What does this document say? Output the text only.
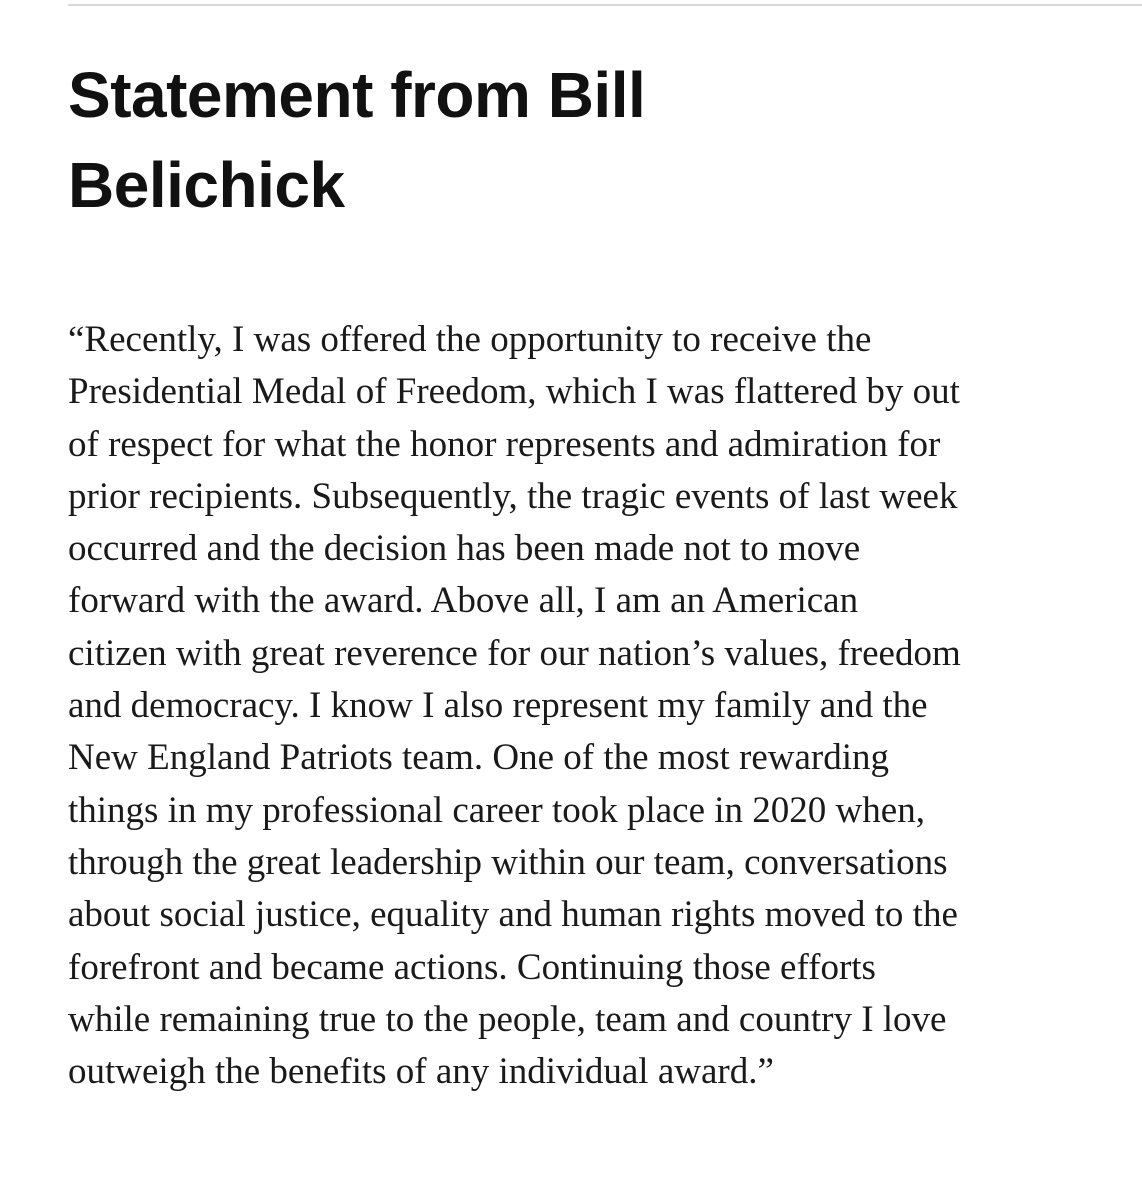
Statement from Bill
Belichick

“Recently, I was offered the opportunity to receive the
Presidential Medal of Freedom, which I was flattered by out
of respect for what the honor represents and admiration for
prior recipients. Subsequently, the tragic events of last week
occurred and the decision has been made not to move
forward with the award. Above all, I am an American
citizen with great reverence for our nation’s values, freedom
and democracy. I know I also represent my family and the
New England Patriots team. One of the most rewarding
things in my professional career took place in 2020 when,
through the great leadership within our team, conversations
about social justice, equality and human rights moved to the
forefront and became actions. Continuing those efforts
while remaining true to the people, team and country I love
outweigh the benefits of any individual award.”
